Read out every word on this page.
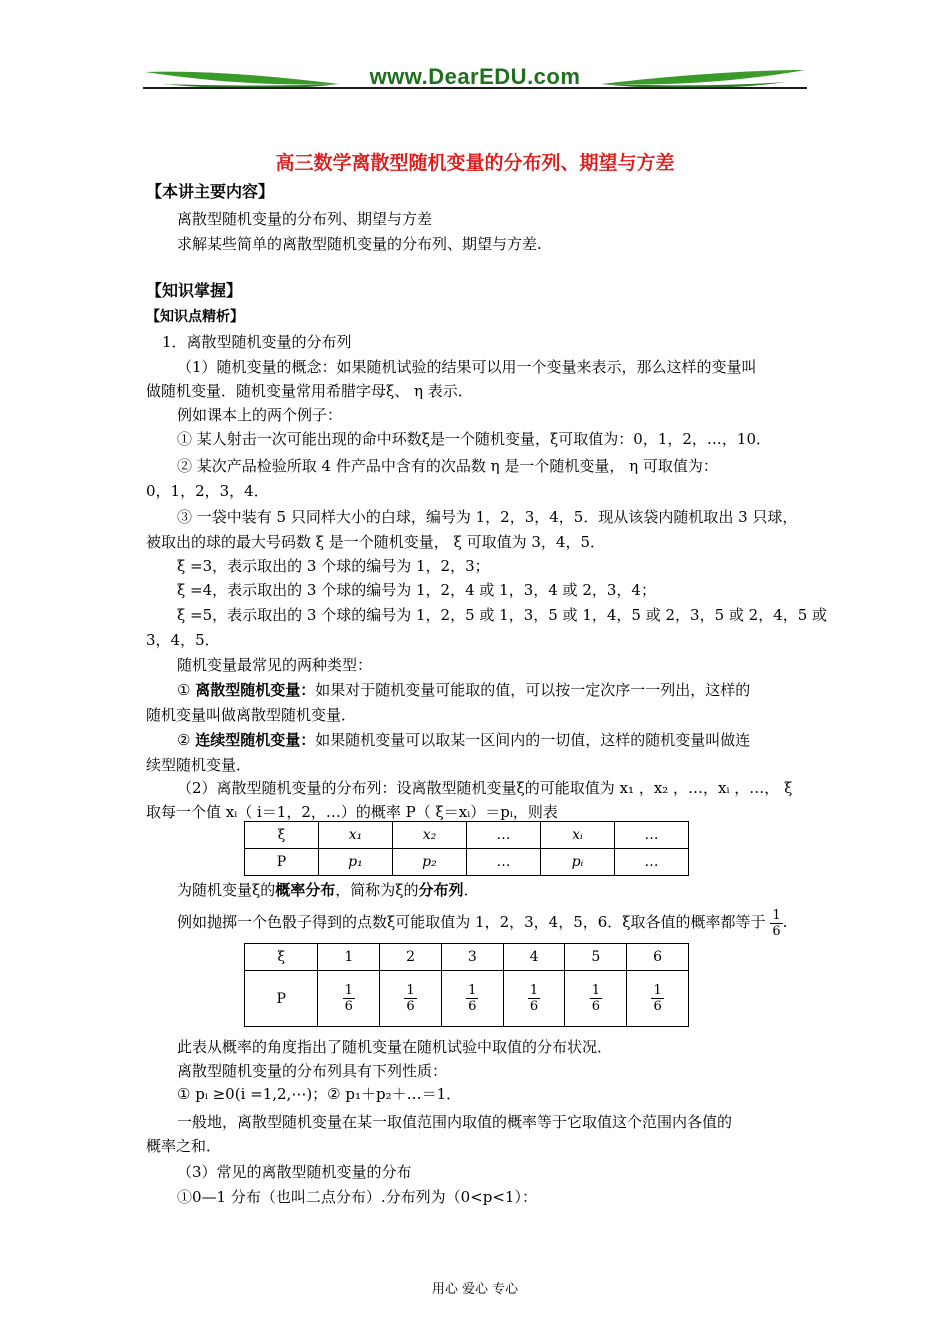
www.DearEDU.com
高三数学离散型随机变量的分布列、期望与方差
【本讲主要内容】
离散型随机变量的分布列、期望与方差
求解某些简单的离散型随机变量的分布列、期望与方差.
【知识掌握】
【知识点精析】
1．离散型随机变量的分布列
（1）随机变量的概念：如果随机试验的结果可以用一个变量来表示，那么这样的变量叫
做随机变量．随机变量常用希腊字母ξ、 η 表示．
例如课本上的两个例子：
① 某人射击一次可能出现的命中环数ξ是一个随机变量，ξ可取值为：0，1，2，…，10．
② 某次产品检验所取 4 件产品中含有的次品数 η 是一个随机变量， η 可取值为：
0，1，2，3，4．
③ 一袋中装有 5 只同样大小的白球，编号为 1，2，3，4，5．现从该袋内随机取出 3 只球，
被取出的球的最大号码数 ξ 是一个随机变量， ξ 可取值为 3，4，5．
ξ =3，表示取出的 3 个球的编号为 1，2，3；
ξ =4，表示取出的 3 个球的编号为 1，2，4 或 1，3，4 或 2，3，4；
ξ =5，表示取出的 3 个球的编号为 1，2，5 或 1，3，5 或 1，4，5 或 2，3，5 或 2，4，5 或
3，4，5．
随机变量最常见的两种类型：
① 离散型随机变量：如果对于随机变量可能取的值，可以按一定次序一一列出，这样的
随机变量叫做离散型随机变量．
② 连续型随机变量：如果随机变量可以取某一区间内的一切值，这样的随机变量叫做连
续型随机变量．
（2）离散型随机变量的分布列：设离散型随机变量ξ的可能取值为 x₁ ，x₂ ，…，xᵢ ，…， ξ
取每一个值 xᵢ（ i＝1，2，…）的概率 P（ ξ＝xᵢ）＝pᵢ，则表
ξ	x₁	x₂	…	xᵢ	…
P	p₁	p₂	…	pᵢ	…
为随机变量ξ的概率分布，简称为ξ的分布列．
例如抛掷一个色骰子得到的点数ξ可能取值为 1，2，3，4，5，6．ξ取各值的概率都等于 $\frac{1}{6}$ .
ξ	1	2	3	4	5	6
P	$\frac{1}{6}$	$\frac{1}{6}$	$\frac{1}{6}$	$\frac{1}{6}$	$\frac{1}{6}$	$\frac{1}{6}$
此表从概率的角度指出了随机变量在随机试验中取值的分布状况．
离散型随机变量的分布列具有下列性质：
① pᵢ ≥0(i =1,2,⋯)；② p₁＋p₂＋…＝1．
一般地，离散型随机变量在某一取值范围内取值的概率等于它取值这个范围内各值的
概率之和．
（3）常见的离散型随机变量的分布
①0—1 分布（也叫二点分布）.分布列为（0<p<1）：
用心 爱心 专心
